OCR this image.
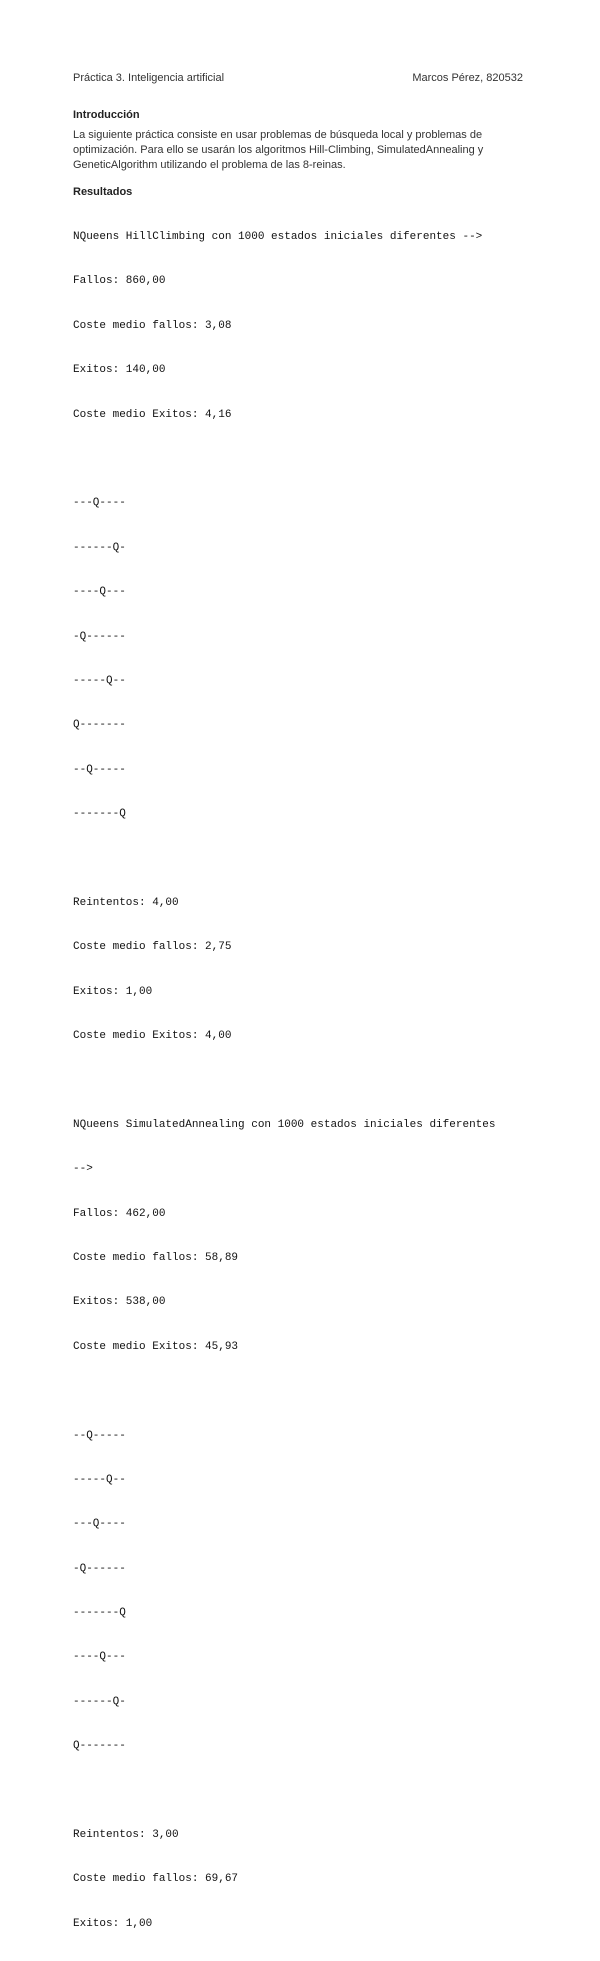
Práctica 3. Inteligencia artificial	Marcos Pérez, 820532
Introducción
La siguiente práctica consiste en usar problemas de búsqueda local y problemas de
optimización. Para ello se usarán los algoritmos Hill-Climbing, SimulatedAnnealing y
GeneticAlgorithm utilizando el problema de las 8-reinas.
Resultados

NQueens HillClimbing con 1000 estados iniciales diferentes -->

Fallos: 860,00

Coste medio fallos: 3,08

Exitos: 140,00

Coste medio Exitos: 4,16

---Q----

------Q-

----Q---

-Q------

-----Q--

Q-------

--Q-----

-------Q

Reintentos: 4,00

Coste medio fallos: 2,75

Exitos: 1,00

Coste medio Exitos: 4,00

NQueens SimulatedAnnealing con 1000 estados iniciales diferentes

-->

Fallos: 462,00

Coste medio fallos: 58,89

Exitos: 538,00

Coste medio Exitos: 45,93

--Q-----

-----Q--

---Q----

-Q------

-------Q

----Q---

------Q-

Q-------

Reintentos: 3,00

Coste medio fallos: 69,67

Exitos: 1,00
